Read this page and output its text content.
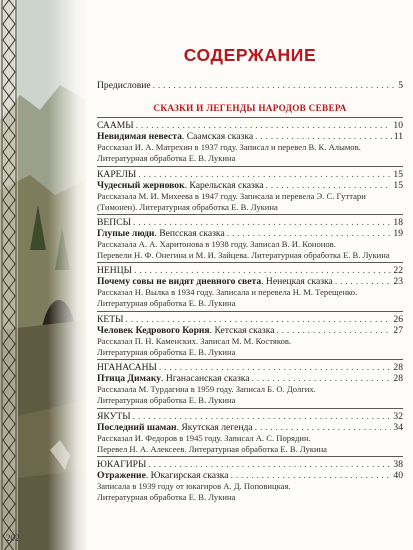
202
СОДЕРЖАНИЕ
Предисловие . . .	5
СКАЗКИ И ЛЕГЕНДЫ НАРОДОВ СЕВЕРА
СААМЫ . . .	10
Невидимая невеста. Саамская сказка . . .	11
Рассказал И. А. Матрехин в 1937 году. Записал и перевел В. К. Алымов.
Литературная обработка Е. В. Лукина
КАРЕЛЫ . . .	15
Чудесный жерновок. Карельская сказка . . .	15
Рассказала М. И. Михеева в 1947 году. Записала и перевела Э. С. Гуттари
(Тимонен). Литературная обработка Е. В. Лукина
ВЕПСЫ . . .	18
Глупые люди. Вепсская сказка . . .	19
Рассказала А. А. Харитонова в 1938 году. Записал В. И. Кононов.
Перевели Н. Ф. Онегина и М. И. Зайцева. Литературная обработка Е. В. Лукина
НЕНЦЫ . . .	22
Почему совы не видят дневного света. Ненецкая сказка . . .	23
Рассказал Н. Вылка в 1934 году. Записала и перевела Н. М. Терещенко.
Литературная обработка Е. В. Лукина
КЕТЫ . . .	26
Человек Кедрового Корня. Кетская сказка . . .	27
Рассказал П. Н. Каменских. Записал М. М. Костяков.
Литературная обработка Е. В. Лукина
НГАНАСАНЫ . . .	28
Птица Димаку. Нганасанская сказка . . .	28
Рассказала М. Турдагина в 1959 году. Записал Б. О. Долгих.
Литературная обработка Е. В. Лукина
ЯКУТЫ . . .	32
Последний шаман. Якутская легенда . . .	34
Рассказал И. Федоров в 1945 году. Записал А. С. Порядин.
Перевел Н. А. Алексеев. Литературная обработка Е. В. Лукина
ЮКАГИРЫ . . .	38
Отражение. Юкагирская сказка . . .	40
Записала в 1939 году от юкагиров А. Д. Поповицкая.
Литературная обработка Е. В. Лукина
